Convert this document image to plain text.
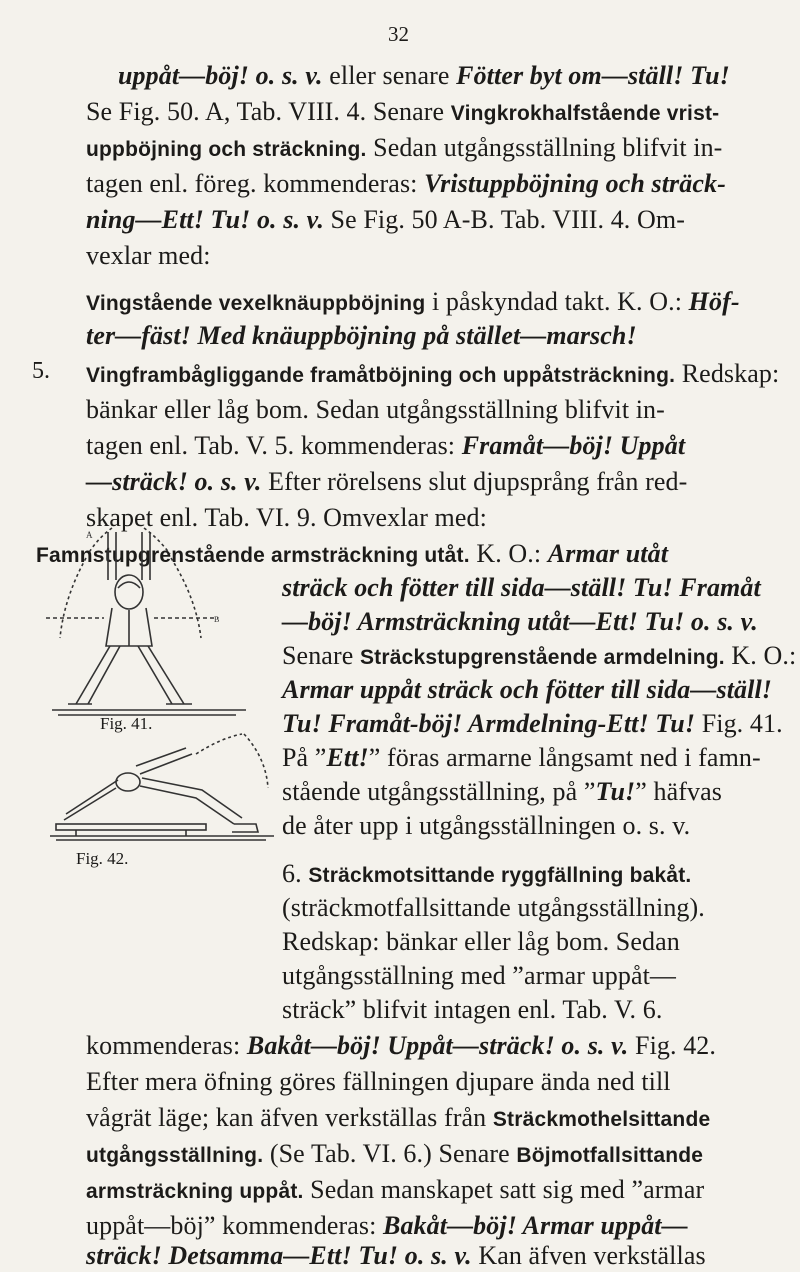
32
uppåt—böj! o. s. v. eller senare Fötter byt om—ställ! Tu!
Se Fig. 50. A, Tab. VIII. 4. Senare Vingkrokhalfstående vrist-
uppböjning och sträckning. Sedan utgångsställning blifvit in-
tagen enl. föreg. kommenderas: Vristuppböjning och sträck-
ning—Ett! Tu! o. s. v. Se Fig. 50 A-B. Tab. VIII. 4. Om-
vexlar med:
Vingstående vexelknäuppböjning i påskyndad takt. K. O.: Höf-
ter—fäst! Med knäuppböjning på stället—marsch!
Vingframbågliggande framåtböjning och uppåtsträckning. Redskap:
bänkar eller låg bom. Sedan utgångsställning blifvit in-
tagen enl. Tab. V. 5. kommenderas: Framåt—böj! Uppåt
—sträck! o. s. v. Efter rörelsens slut djupsprång från red-
skapet enl. Tab. VI. 9. Omvexlar med:
Famnstupgrenstående armsträckning utåt. K. O.: Armar utåt
sträck och fötter till sida—ställ! Tu! Framåt
—böj! Armsträckning utåt—Ett! Tu! o. s. v.
Senare Sträckstupgrenstående armdelning. K. O.:
Armar uppåt sträck och fötter till sida—ställ!
Tu! Framåt-böj! Armdelning-Ett! Tu! Fig. 41.
På ”Ett!” föras armarne långsamt ned i famn-
stående utgångsställning, på ”Tu!” häfvas
de åter upp i utgångsställningen o. s. v.
6. Sträckmotsittande ryggfällning bakåt.
(sträckmotfallsittande utgångsställning).
Redskap: bänkar eller låg bom. Sedan
utgångsställning med ”armar uppåt—
sträck” blifvit intagen enl. Tab. V. 6.
kommenderas: Bakåt—böj! Uppåt—sträck! o. s. v. Fig. 42.
Efter mera öfning göres fällningen djupare ända ned till
vågrät läge; kan äfven verkställas från Sträckmothelsittande
utgångsställning. (Se Tab. VI. 6.) Senare Böjmotfallsittande
armsträckning uppåt. Sedan manskapet satt sig med ”armar
uppåt—böj” kommenderas: Bakåt—böj! Armar uppåt—
sträck! Detsamma—Ett! Tu! o. s. v. Kan äfven verkställas
5.
A
B
Fig. 41.
Fig. 42.
